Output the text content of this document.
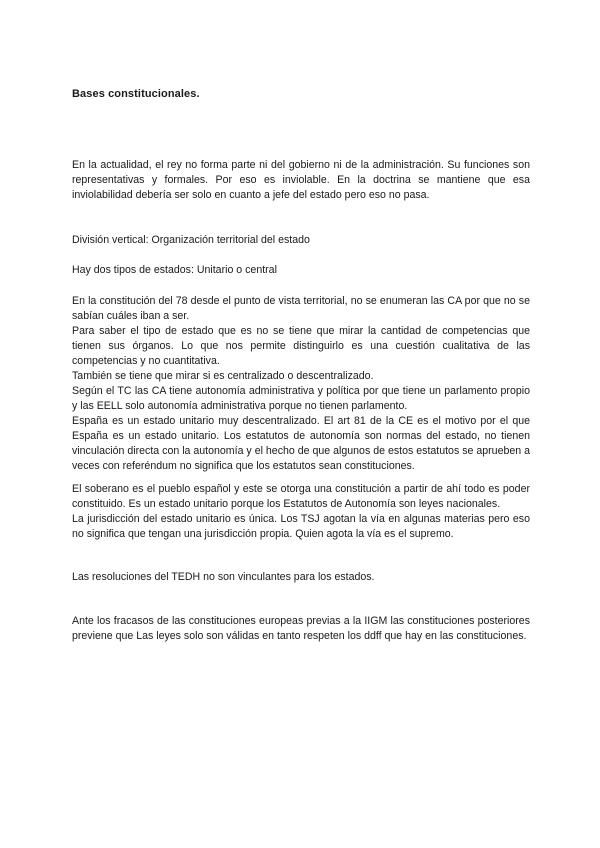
Bases constitucionales.

En la actualidad, el rey no forma parte ni del gobierno ni de la administración. Su funciones son representativas y formales. Por eso es inviolable. En la doctrina se mantiene que esa inviolabilidad debería ser solo en cuanto a jefe del estado pero eso no pasa.

División vertical: Organización territorial del estado

Hay dos tipos de estados: Unitario o central

En la constitución del 78 desde el punto de vista territorial, no se enumeran las CA por que no se sabían cuáles iban a ser.
Para saber el tipo de estado que es no se tiene que mirar la cantidad de competencias que tienen sus órganos. Lo que nos permite distinguirlo es una cuestión cualitativa de las competencias y no cuantitativa.
También se tiene que mirar si es centralizado o descentralizado.
Según el TC las CA tiene autonomía administrativa y política por que tiene un parlamento propio y las EELL solo autonomía administrativa porque no tienen parlamento.
España es un estado unitario muy descentralizado. El art 81 de la CE es el motivo por el que España es un estado unitario. Los estatutos de autonomía son normas del estado, no tienen vinculación directa con la autonomía y el hecho de que algunos de estos estatutos se aprueben a veces con referéndum no significa que los estatutos sean constituciones.

El soberano es el pueblo español y este se otorga una constitución a partir de ahí todo es poder constituido. Es un estado unitario porque los Estatutos de Autonomía son leyes nacionales.
La jurisdicción del estado unitario es única. Los TSJ agotan la vía en algunas materias pero eso no significa que tengan una jurisdicción propia. Quien agota la vía es el supremo.

Las resoluciones del TEDH no son vinculantes para los estados.

Ante los fracasos de las constituciones europeas previas a la IIGM las constituciones posteriores previene que Las leyes solo son válidas en tanto respeten los ddff que hay en las constituciones.
